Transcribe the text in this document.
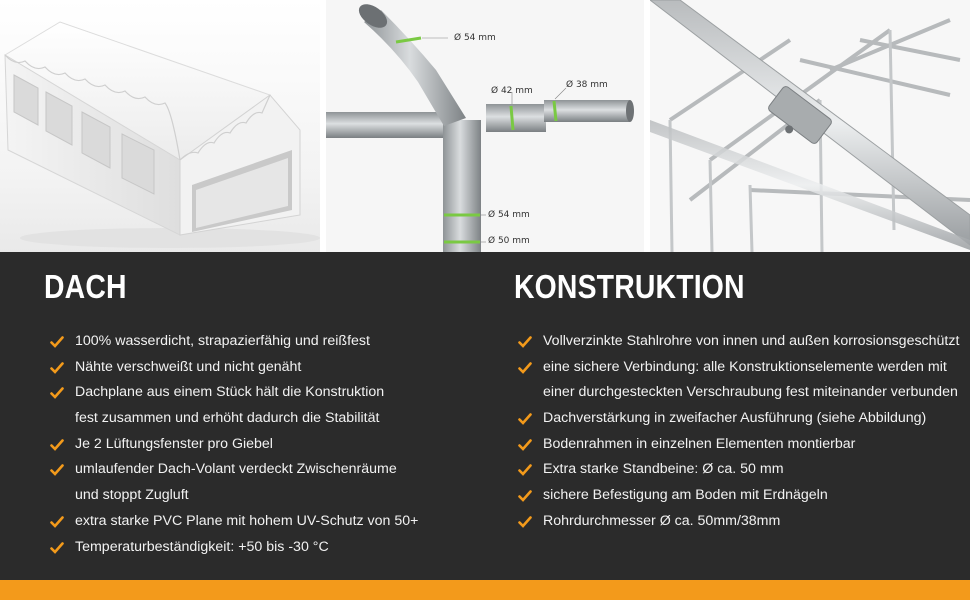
Ø 54 mm
Ø 42 mm
Ø 38 mm
Ø 54 mm
Ø 50 mm
DACH	KONSTRUKTION
100% wasserdicht, strapazierfähig und reißfest
Nähte verschweißt und nicht genäht
Dachplane aus einem Stück hält die Konstruktion
fest zusammen und erhöht dadurch die Stabilität
Je 2 Lüftungsfenster pro Giebel
umlaufender Dach-Volant verdeckt Zwischenräume
und stoppt Zugluft
extra starke PVC Plane mit hohem UV-Schutz von 50+
Temperaturbeständigkeit: +50 bis -30 °C
Vollverzinkte Stahlrohre von innen und außen korrosionsgeschützt
eine sichere Verbindung: alle Konstruktionselemente werden mit
einer durchgesteckten Verschraubung fest miteinander verbunden
Dachverstärkung in zweifacher Ausführung (siehe Abbildung)
Bodenrahmen in einzelnen Elementen montierbar
Extra starke Standbeine: Ø ca. 50 mm
sichere Befestigung am Boden mit Erdnägeln
Rohrdurchmesser Ø ca. 50mm/38mm
